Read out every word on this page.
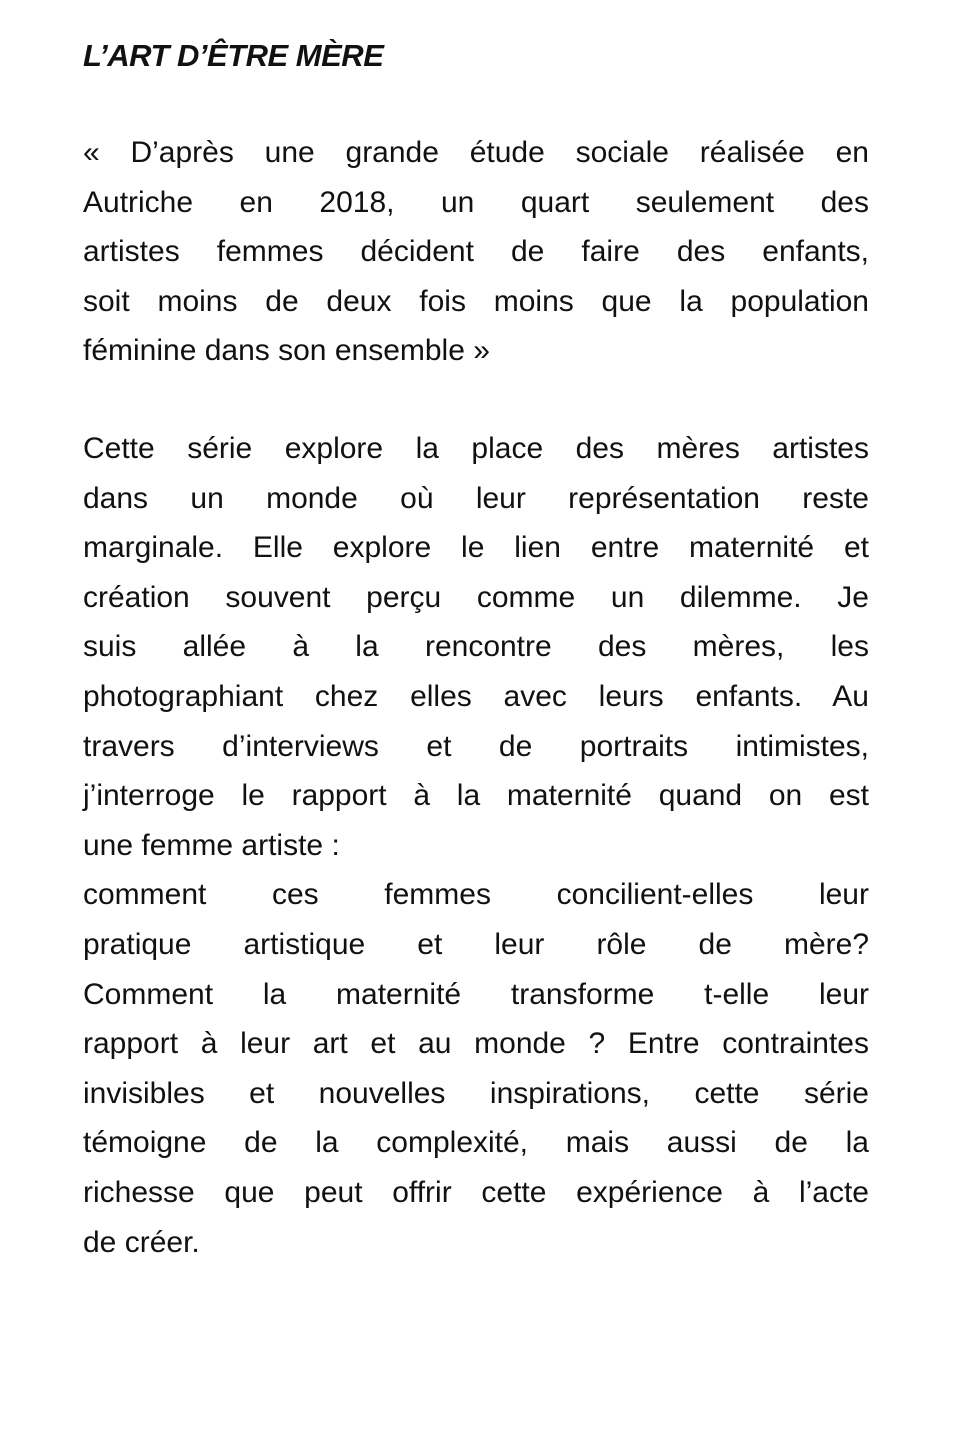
L’ART D’ÊTRE MÈRE
« D’après une grande étude sociale réalisée en
Autriche en 2018, un quart seulement des
artistes femmes décident de faire des enfants,
soit moins de deux fois moins que la population
féminine dans son ensemble »
Cette série explore la place des mères artistes
dans un monde où leur représentation reste
marginale. Elle explore le lien entre maternité et
création souvent perçu comme un dilemme. Je
suis allée à la rencontre des mères, les
photographiant chez elles avec leurs enfants. Au
travers d’interviews et de portraits intimistes,
j’interroge le rapport à la maternité quand on est
une femme artiste :
comment ces femmes concilient-elles leur
pratique artistique et leur rôle de mère?
Comment la maternité transforme t-elle leur
rapport à leur art et au monde ? Entre contraintes
invisibles et nouvelles inspirations, cette série
témoigne de la complexité, mais aussi de la
richesse que peut offrir cette expérience à l’acte
de créer.
